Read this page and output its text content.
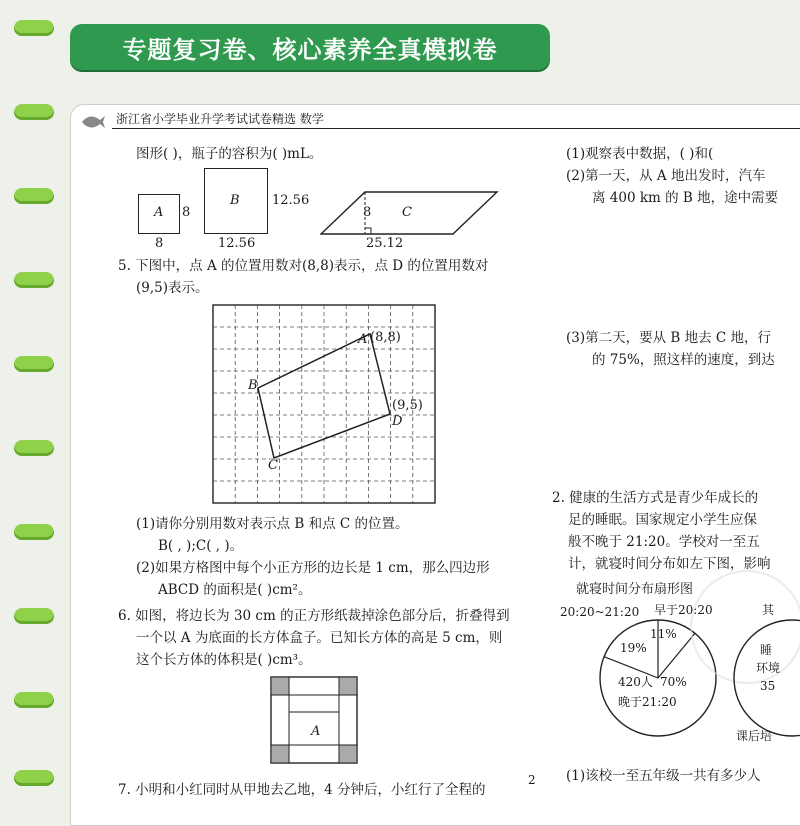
专题复习卷、核心素养全真模拟卷
浙江省小学毕业升学考试试卷精选 数学
图形( )，瓶子的容积为( )mL。
A 8
8
B 12.56
12.56
8 C
25.12
5. 下图中，点 A 的位置用数对(8,8)表示，点 D 的位置用数对
(9,5)表示。
A (8,8)
B
C
D
(9,5)
(1)请你分别用数对表示点 B 和点 C 的位置。
B( , );C( , )。
(2)如果方格图中每个小正方形的边长是 1 cm，那么四边形
ABCD 的面积是( )cm²。
6. 如图，将边长为 30 cm 的正方形纸裁掉涂色部分后，折叠得到
一个以 A 为底面的长方体盒子。已知长方体的高是 5 cm，则
这个长方体的体积是( )cm³。
A
7. 小明和小红同时从甲地去乙地，4 分钟后，小红行了全程的
2
(1)观察表中数据，( )和(
(2)第一天，从 A 地出发时，汽车
离 400 km 的 B 地，途中需要
(3)第二天，要从 B 地去 C 地，行
的 75%，照这样的速度，到达
2. 健康的生活方式是青少年成长的
足的睡眠。国家规定小学生应保
般不晚于 21:20。学校对一至五
计，就寝时间分布如左下图，影响
就寝时间分布扇形图
20:20~21:20 早于20:20
19%
11%
420人 70%
晚于21:20
其
睡
环境
35
课后培
(1)该校一至五年级一共有多少人
